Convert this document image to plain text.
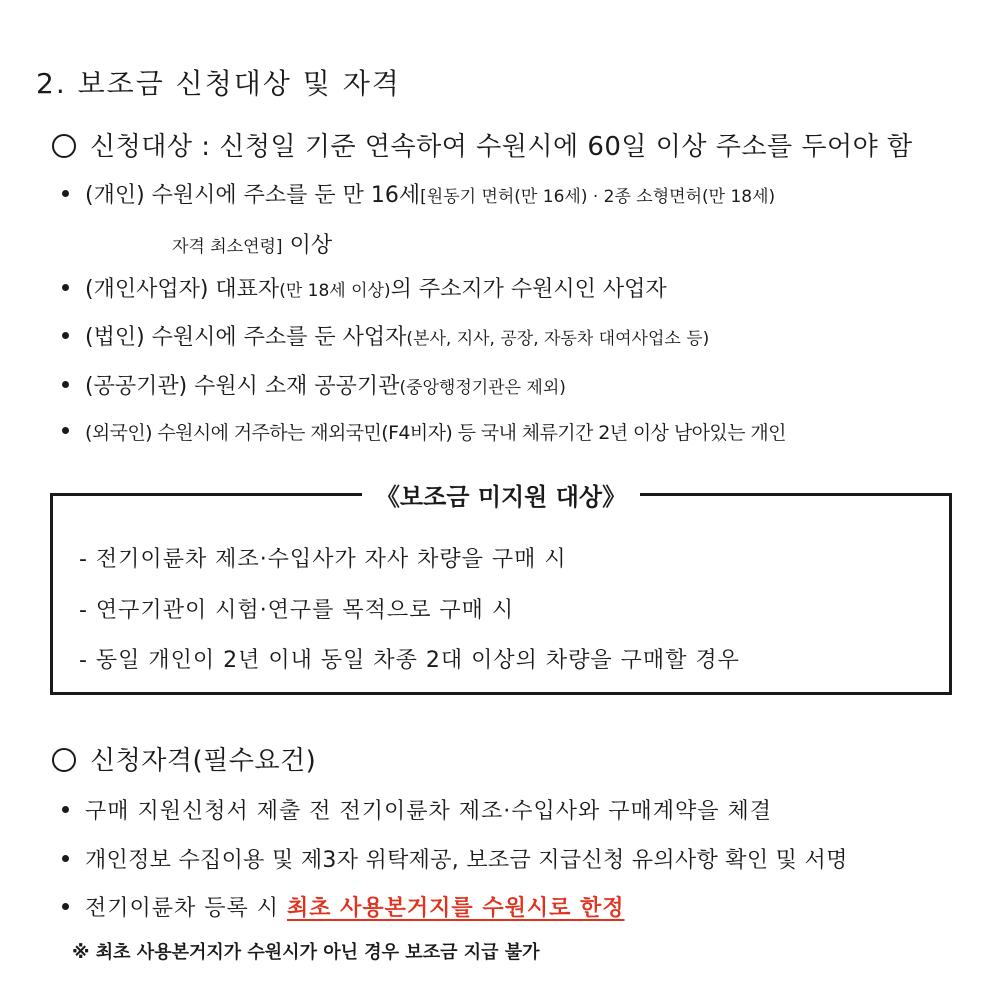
2. 보조금 신청대상 및 자격
신청대상 : 신청일 기준 연속하여 수원시에 60일 이상 주소를 두어야 함
(개인) 수원시에 주소를 둔 만 16세[원동기 면허(만 16세) · 2종 소형면허(만 18세)
자격 최소연령] 이상
(개인사업자) 대표자(만 18세 이상)의 주소지가 수원시인 사업자
(법인) 수원시에 주소를 둔 사업자(본사, 지사, 공장, 자동차 대여사업소 등)
(공공기관) 수원시 소재 공공기관(중앙행정기관은 제외)
(외국인) 수원시에 거주하는 재외국민(F4비자) 등 국내 체류기간 2년 이상 남아있는 개인
《보조금 미지원 대상》
- 전기이륜차 제조·수입사가 자사 차량을 구매 시
- 연구기관이 시험·연구를 목적으로 구매 시
- 동일 개인이 2년 이내 동일 차종 2대 이상의 차량을 구매할 경우
신청자격(필수요건)
구매 지원신청서 제출 전 전기이륜차 제조·수입사와 구매계약을 체결
개인정보 수집이용 및 제3자 위탁제공, 보조금 지급신청 유의사항 확인 및 서명
전기이륜차 등록 시 최초 사용본거지를 수원시로 한정
※ 최초 사용본거지가 수원시가 아닌 경우 보조금 지급 불가
